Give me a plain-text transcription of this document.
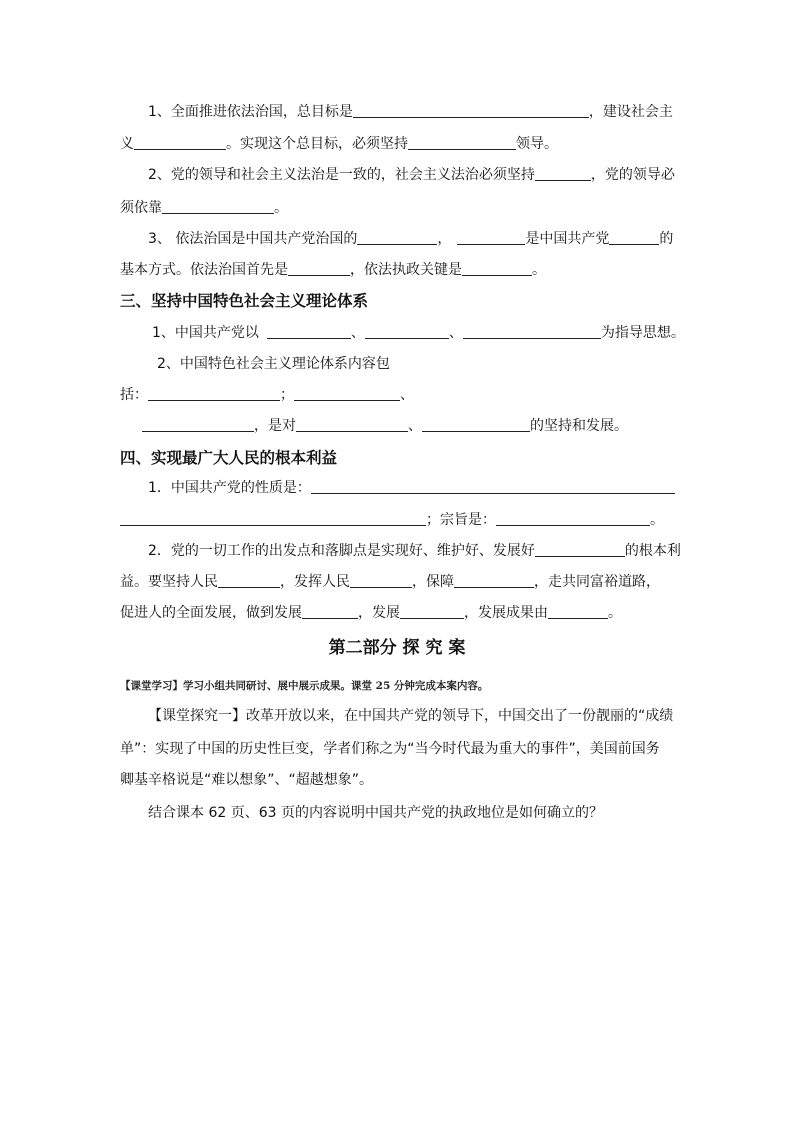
1、全面推进依法治国，总目标是	，建设社会主
义	。实现这个总目标，必须坚持	领导。
2、党的领导和社会主义法治是一致的，社会主义法治必须坚持	，党的领导必
须依靠	。
3、 依法治国是中国共产党治国的	，	是中国共产党	的
基本方式。依法治国首先是	，依法执政关键是	。
三、坚持中国特色社会主义理论体系
1、中国共产党以	、	、	为指导思想。
2、中国特色社会主义理论体系内容包
括：	；	、
，是对	、	的坚持和发展。
四、实现最广大人民的根本利益
1．中国共产党的性质是：
；宗旨是：	。
2．党的一切工作的出发点和落脚点是实现好、维护好、发展好	的根本利
益。要坚持人民	，发挥人民	，保障	，走共同富裕道路，
促进人的全面发展，做到发展	，发展	，发展成果由	。
第二部分 探 究 案
【课堂学习】学习小组共同研讨、展中展示成果。课堂 25 分钟完成本案内容。
【课堂探究一】改革开放以来，在中国共产党的领导下，中国交出了一份靓丽的“成绩
单”：实现了中国的历史性巨变，学者们称之为“当今时代最为重大的事件”，美国前国务
卿基辛格说是“难以想象”、“超越想象”。
结合课本 62 页、63 页的内容说明中国共产党的执政地位是如何确立的？
